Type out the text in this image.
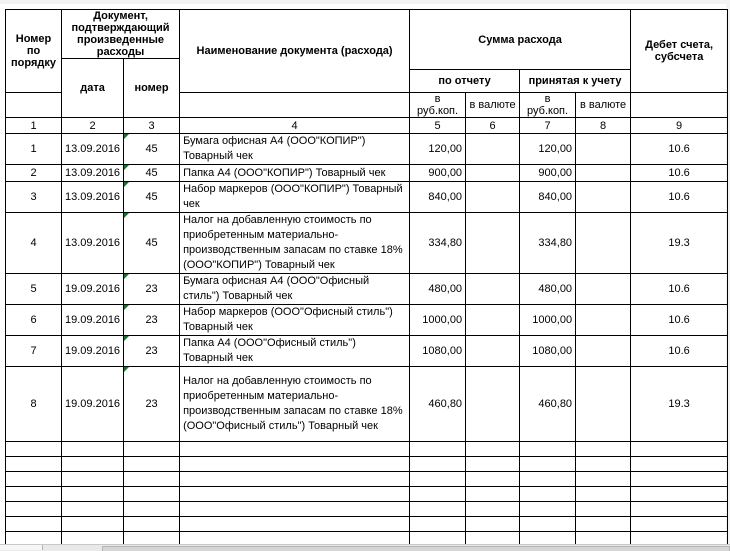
Номер по порядку	Документ, подтверждающий произведенные расходы		Наименование документа (расхода)	Сумма расхода				Дебет счета, субсчета
	дата	номер						
				по отчету		принятая к учету		
				в руб.коп.	в валюте	в руб.коп.	в валюте	
1	2	3	4	5	6	7	8	9
1	13.09.2016	45	Бумага офисная А4 (ООО"КОПИР") Товарный чек	120,00		120,00		10.6
2	13.09.2016	45	Папка А4 (ООО"КОПИР") Товарный чек	900,00		900,00		10.6
3	13.09.2016	45	Набор маркеров (ООО"КОПИР") Товарный чек	840,00		840,00		10.6
4	13.09.2016	45	Налог на добавленную стоимость по приобретенным материально-производственным запасам по ставке 18% (ООО"КОПИР") Товарный чек	334,80		334,80		19.3
5	19.09.2016	23	Бумага офисная А4 (ООО"Офисный стиль") Товарный чек	480,00		480,00		10.6
6	19.09.2016	23	Набор маркеров (ООО"Офисный стиль") Товарный чек	1000,00		1000,00		10.6
7	19.09.2016	23	Папка А4 (ООО"Офисный стиль") Товарный чек	1080,00		1080,00		10.6
8	19.09.2016	23	Налог на добавленную стоимость по приобретенным материально-производственным запасам по ставке 18% (ООО"Офисный стиль") Товарный чек	460,80		460,80		19.3
